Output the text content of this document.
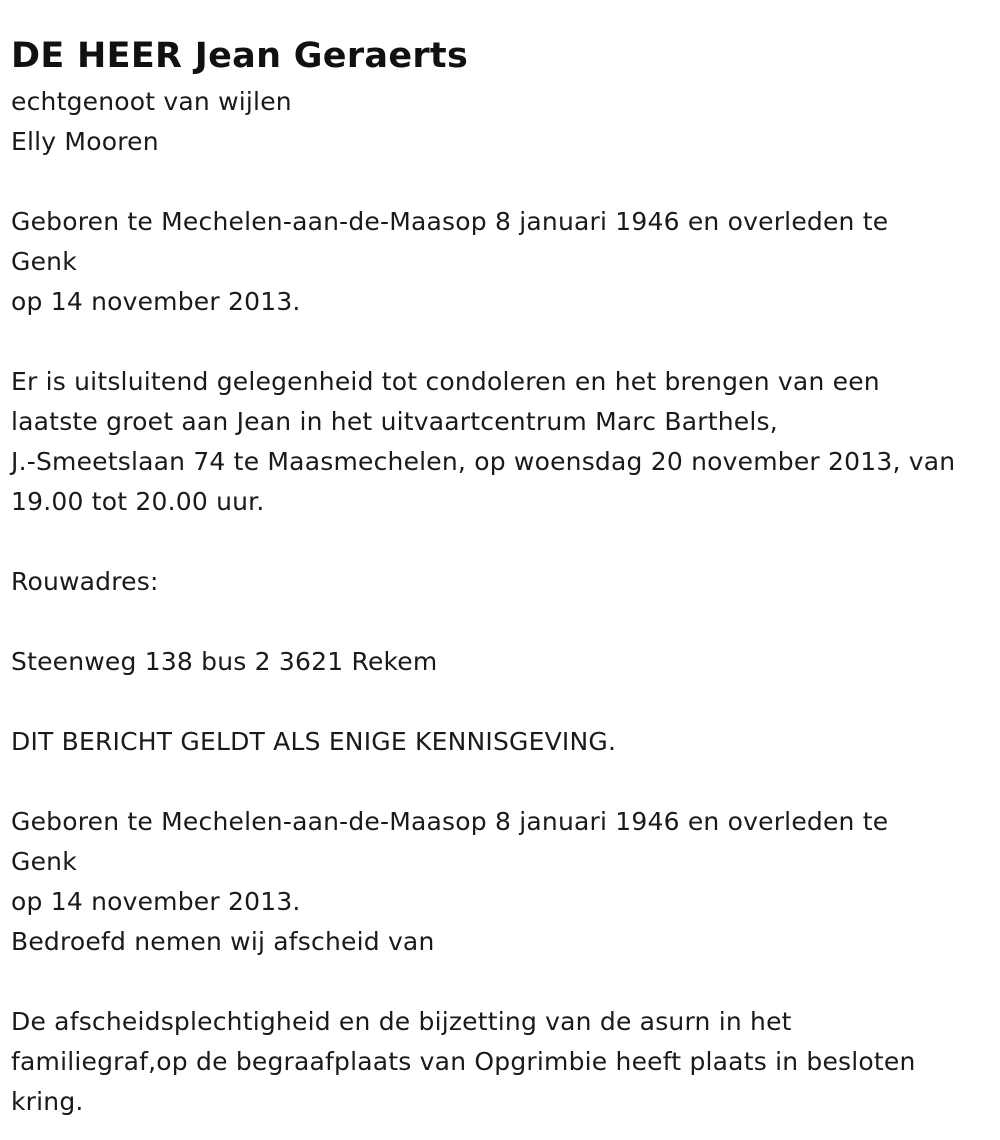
DE HEER Jean Geraerts
echtgenoot van wijlen
Elly Mooren
Geboren te Mechelen-aan-de-Maasop 8 januari 1946 en overleden te
Genk
op 14 november 2013.
Er is uitsluitend gelegenheid tot condoleren en het brengen van een
laatste groet aan Jean in het uitvaartcentrum Marc Barthels,
J.-Smeetslaan 74 te Maasmechelen, op woensdag 20 november 2013, van
19.00 tot 20.00 uur.
Rouwadres:
Steenweg 138 bus 2 3621 Rekem
DIT BERICHT GELDT ALS ENIGE KENNISGEVING.
Geboren te Mechelen-aan-de-Maasop 8 januari 1946 en overleden te
Genk
op 14 november 2013.
Bedroefd nemen wij afscheid van
De afscheidsplechtigheid en de bijzetting van de asurn in het
familiegraf,op de begraafplaats van Opgrimbie heeft plaats in besloten
kring.
